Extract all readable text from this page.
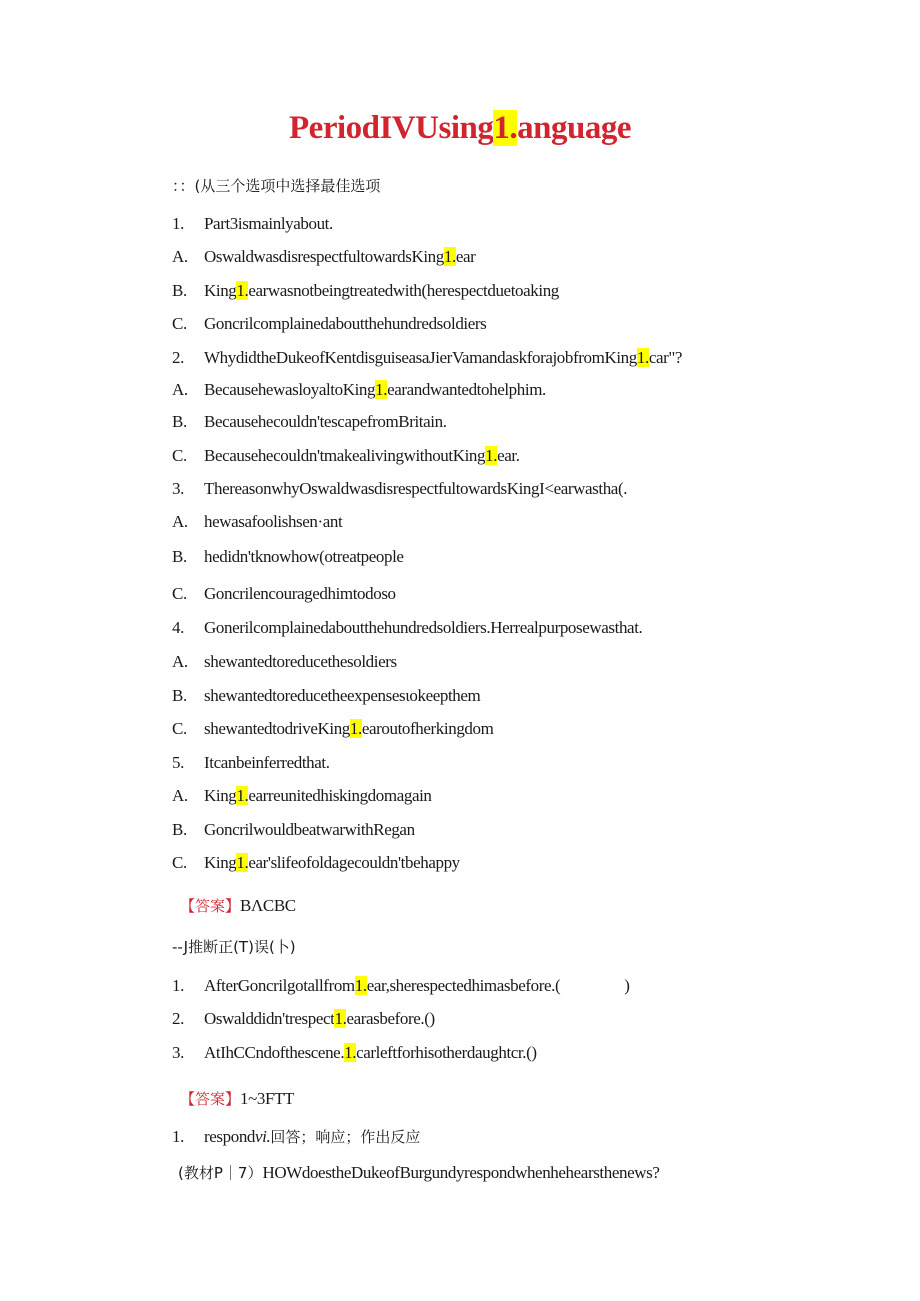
PeriodIVUsing1.anguage
：：(从三个选项中选择最佳选项
1. Part3ismainlyabout.
A. OswaldwasdisrespectfultowardsKing1.ear
B. King1.earwasnotbeingtreatedwith(herespectduetoaking
C. Goncrilcomplainedaboutthehundredsoldiers
2. WhydidtheDukeofKentdisguiseasaJierVamandaskforajobfromKing1.car"?
A. BecausehewasloyaltoKing1.earandwantedtohelphim.
B. Becausehecouldn'tescapefromBritain.
C. Becausehecouldn'tmakealivingwithoutKing1.ear.
3. ThereasonwhyOswaldwasdisrespectfultowardsKingI<earwastha(.
A. hewasafoolishsen·ant
B. hedidn'tknowhow(otreatpeople
C. Goncrilencouragedhimtodoso
4. Gonerilcomplainedaboutthehundredsoldiers.Herrealpurposewasthat.
A. shewantedtoreducethesoldiers
B. shewantedtoreducetheexpensesιokeepthem
C. shewantedtodriveKing1.earoutofherkingdom
5. Itcanbeinferredthat.
A. King1.earreunitedhiskingdomagain
B. GoncrilwouldbeatwarwithRegan
C. King1.ear'slifeofoldagecouldn'tbehappy
【答案】BΛCBC
--J推断正(T)误(卜)
1. AfterGoncrilgotallfrom1.ear,sherespectedhimasbefore.(	)
2. Oswalddidn'trespect1.earasbefore.()
3. AtIhCCndofthescene.1.carleftforhisotherdaughtcr.()
【答案】1~3FTT
1. respondvi.回答；响应；作出反应
(教材P｜7）HOWdoestheDukeofBurgundyrespondwhenhehearsthenews?
